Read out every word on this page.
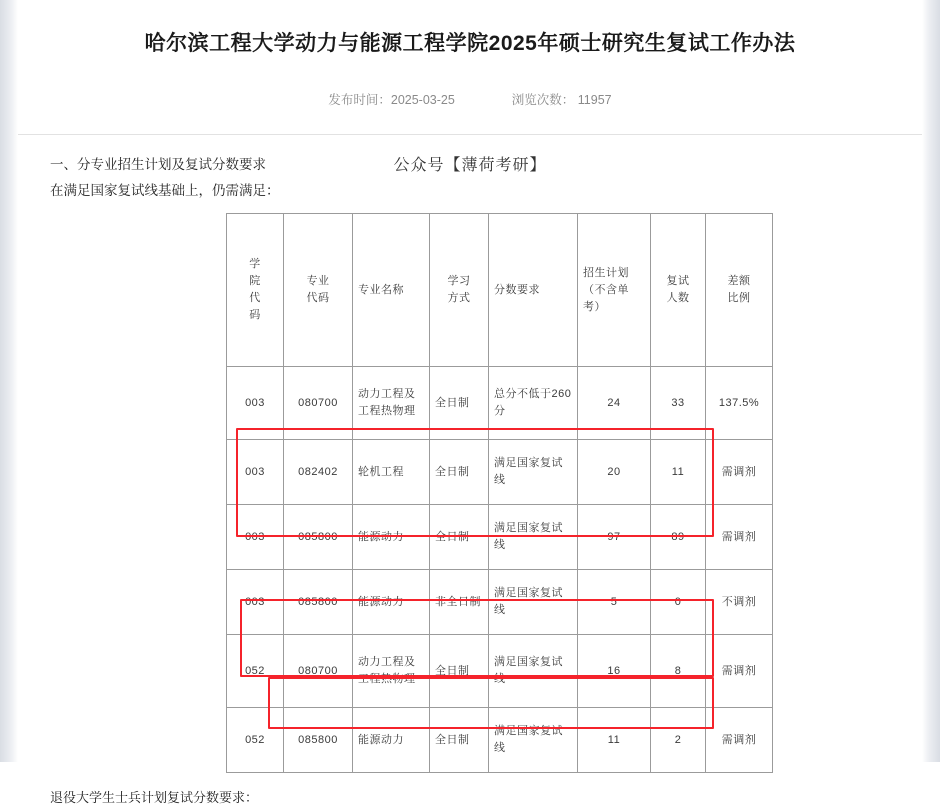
哈尔滨工程大学动力与能源工程学院2025年硕士研究生复试工作办法
发布时间：2025-03-25	浏览次数： 11957
一、分专业招生计划及复试分数要求
在满足国家复试线基础上，仍需满足：
公众号【薄荷考研】
学院代码	专业代码	专业名称	学习方式	分数要求	招生计划（不含单考）	复试人数	差额比例

003	080700	动力工程及工程热物理	全日制	总分不低于260分	24	33	137.5%
003	082402	轮机工程	全日制	满足国家复试线	20	11	需调剂
003	085800	能源动力	全日制	满足国家复试线	97	89	需调剂
003	085800	能源动力	非全日制	满足国家复试线	5	0	不调剂
052	080700	动力工程及工程热物理	全日制	满足国家复试线	16	8	需调剂
052	085800	能源动力	全日制	满足国家复试线	11	2	需调剂
退役大学生士兵计划复试分数要求：
